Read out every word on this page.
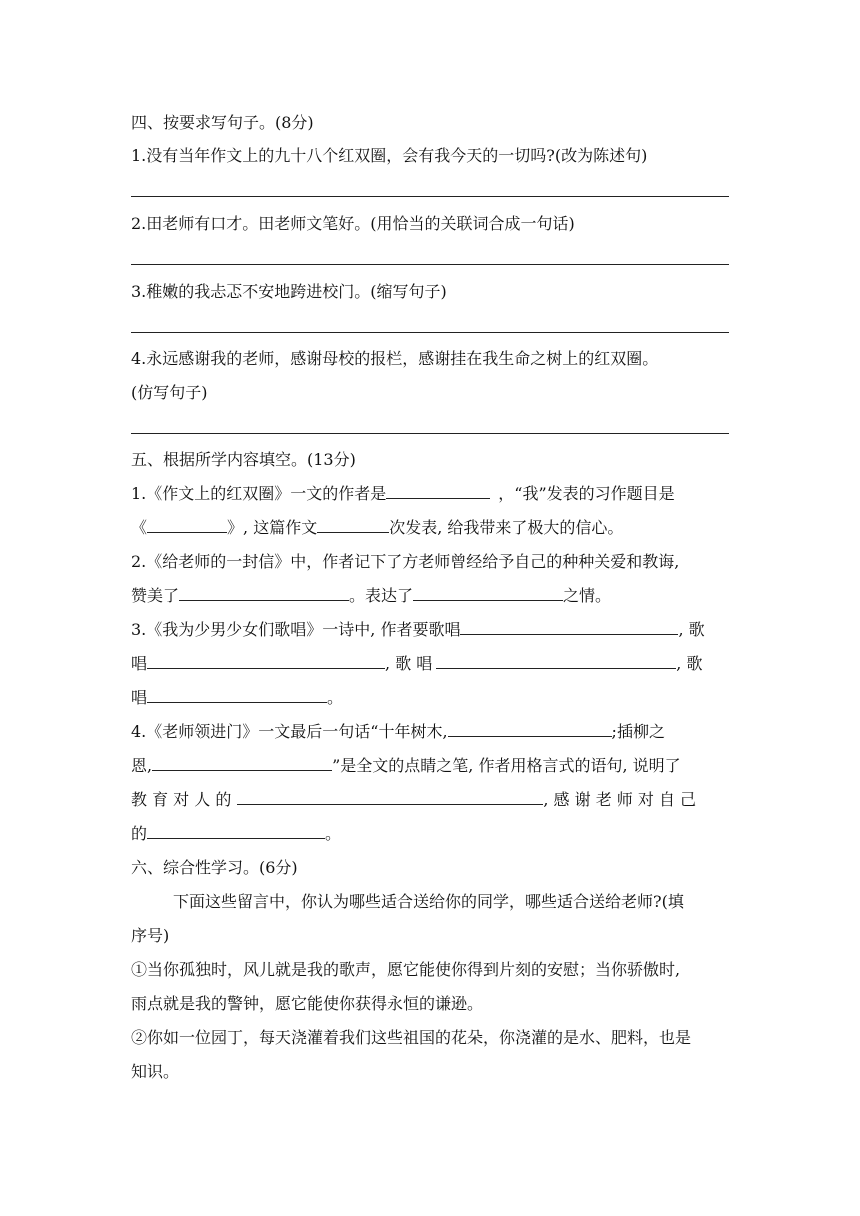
四、按要求写句子。(8分)
1.没有当年作文上的九十八个红双圈，会有我今天的一切吗?(改为陈述句)
2.田老师有口才。田老师文笔好。(用恰当的关联词合成一句话)
3.稚嫩的我忐忑不安地跨进校门。(缩写句子)
4.永远感谢我的老师，感谢母校的报栏，感谢挂在我生命之树上的红双圈。
(仿写句子)
五、根据所学内容填空。(13分)
1.《作文上的红双圈》一文的作者是	，“我”发表的习作题目是
《	》, 这篇作文	次发表, 给我带来了极大的信心。
2.《给老师的一封信》中，作者记下了方老师曾经给予自己的种种关爱和教诲,
赞美了	。表达了	之情。
3.《我为少男少女们歌唱》一诗中, 作者要歌唱	, 歌
唱	, 歌 唱	, 歌
唱	。
4.《老师领进门》一文最后一句话“十年树木,	;插柳之
恩,	”是全文的点睛之笔, 作者用格言式的语句, 说明了
教 育 对 人 的	, 感 谢 老 师 对 自 己
的	。
六、综合性学习。(6分)
下面这些留言中，你认为哪些适合送给你的同学，哪些适合送给老师?(填
序号)
①当你孤独时，风儿就是我的歌声，愿它能使你得到片刻的安慰；当你骄傲时,
雨点就是我的警钟，愿它能使你获得永恒的谦逊。
②你如一位园丁，每天浇灌着我们这些祖国的花朵，你浇灌的是水、肥料，也是
知识。
